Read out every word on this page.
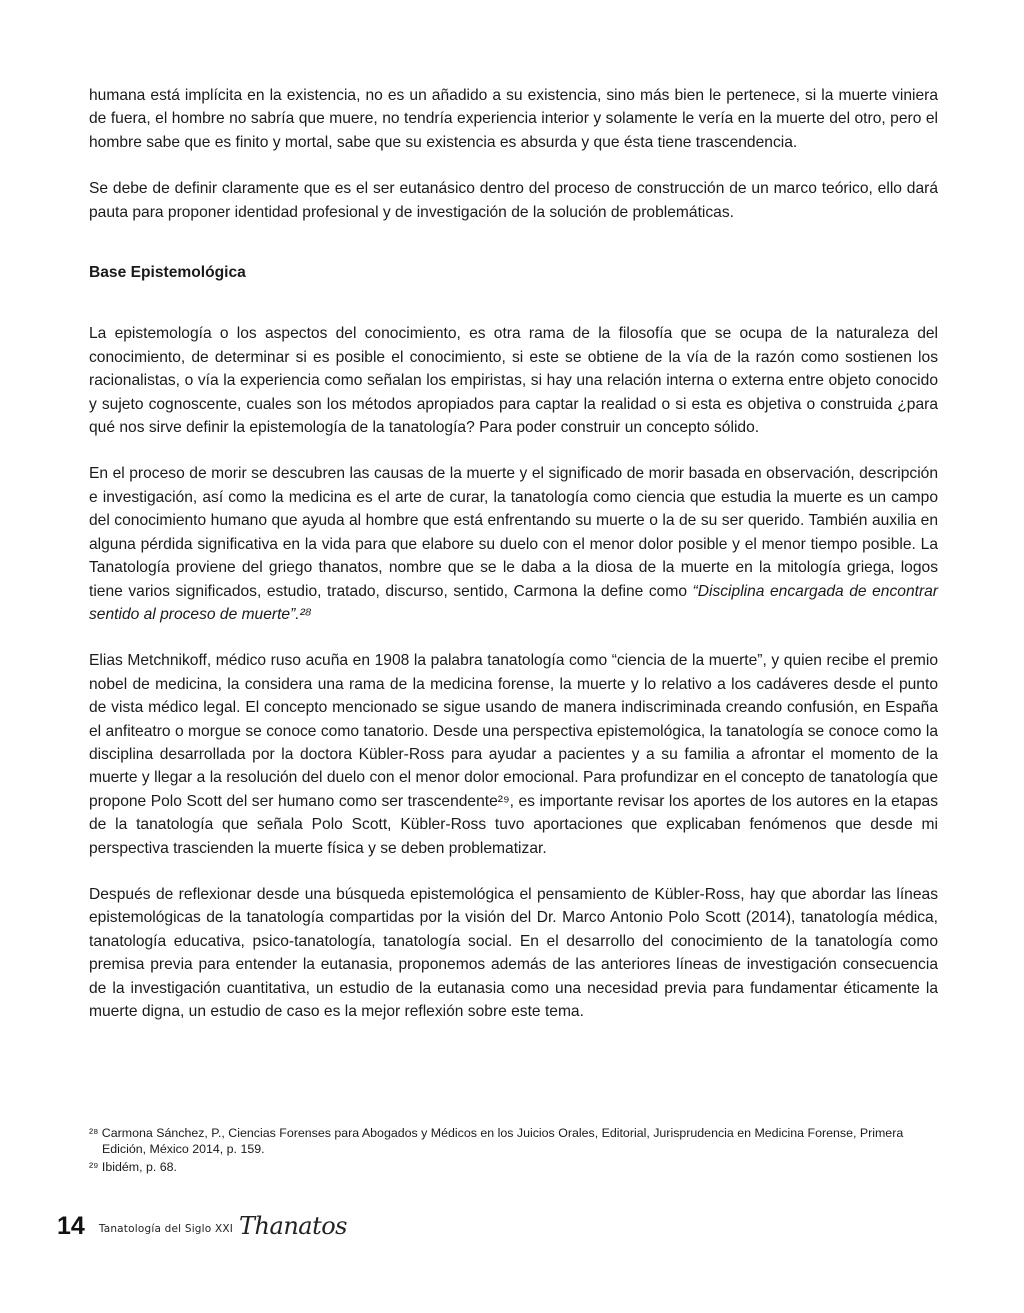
humana está implícita en la existencia, no es un añadido a su existencia, sino más bien le pertenece, si la muerte viniera de fuera, el hombre no sabría que muere, no tendría experiencia interior y solamente le vería en la muerte del otro, pero el hombre sabe que es finito y mortal, sabe que su existencia es absurda y que ésta tiene trascendencia.

Se debe de definir claramente que es el ser eutanásico dentro del proceso de construcción de un marco teórico, ello dará pauta para proponer identidad profesional y de investigación de la solución de problemáticas.

Base Epistemológica

La epistemología o los aspectos del conocimiento, es otra rama de la filosofía que se ocupa de la naturaleza del conocimiento, de determinar si es posible el conocimiento, si este se obtiene de la vía de la razón como sostienen los racionalistas, o vía la experiencia como señalan los empiristas, si hay una relación interna o externa entre objeto conocido y sujeto cognoscente, cuales son los métodos apropiados para captar la realidad o si esta es objetiva o construida ¿para qué nos sirve definir la epistemología de la tanatología? Para poder construir un concepto sólido.

En el proceso de morir se descubren las causas de la muerte y el significado de morir basada en observación, descripción e investigación, así como la medicina es el arte de curar, la tanatología como ciencia que estudia la muerte es un campo del conocimiento humano que ayuda al hombre que está enfrentando su muerte o la de su ser querido. También auxilia en alguna pérdida significativa en la vida para que elabore su duelo con el menor dolor posible y el menor tiempo posible. La Tanatología proviene del griego thanatos, nombre que se le daba a la diosa de la muerte en la mitología griega, logos tiene varios significados, estudio, tratado, discurso, sentido, Carmona la define como “Disciplina encargada de encontrar sentido al proceso de muerte”.²⁸

Elias Metchnikoff, médico ruso acuña en 1908 la palabra tanatología como “ciencia de la muerte”, y quien recibe el premio nobel de medicina, la considera una rama de la medicina forense, la muerte y lo relativo a los cadáveres desde el punto de vista médico legal. El concepto mencionado se sigue usando de manera indiscriminada creando confusión, en España el anfiteatro o morgue se conoce como tanatorio. Desde una perspectiva epistemológica, la tanatología se conoce como la disciplina desarrollada por la doctora Kübler-Ross para ayudar a pacientes y a su familia a afrontar el momento de la muerte y llegar a la resolución del duelo con el menor dolor emocional. Para profundizar en el concepto de tanatología que propone Polo Scott del ser humano como ser trascendente²⁹, es importante revisar los aportes de los autores en la etapas de la tanatología que señala Polo Scott, Kübler-Ross tuvo aportaciones que explicaban fenómenos que desde mi perspectiva trascienden la muerte física y se deben problematizar.

Después de reflexionar desde una búsqueda epistemológica el pensamiento de Kübler-Ross, hay que abordar las líneas epistemológicas de la tanatología compartidas por la visión del Dr. Marco Antonio Polo Scott (2014), tanatología médica, tanatología educativa, psico-tanatología, tanatología social. En el desarrollo del conocimiento de la tanatología como premisa previa para entender la eutanasia, proponemos además de las anteriores líneas de investigación consecuencia de la investigación cuantitativa, un estudio de la eutanasia como una necesidad previa para fundamentar éticamente la muerte digna, un estudio de caso es la mejor reflexión sobre este tema.

²⁸ Carmona Sánchez, P., Ciencias Forenses para Abogados y Médicos en los Juicios Orales, Editorial, Jurisprudencia en Medicina Forense, Primera Edición, México 2014, p. 159.

²⁹ Ibidém, p. 68.

14 Tanatología del Siglo XXI Thanatos
